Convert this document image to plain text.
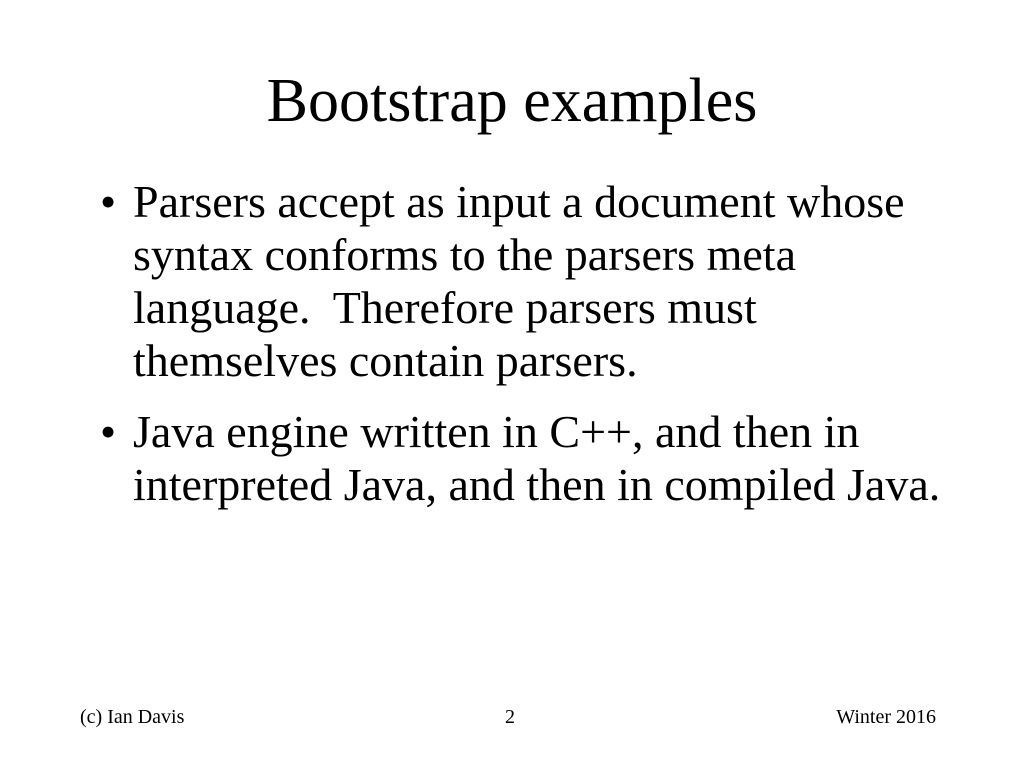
Bootstrap examples
• Parsers accept as input a document whose
syntax conforms to the parsers meta
language.  Therefore parsers must
themselves contain parsers.
• Java engine written in C++, and then in
interpreted Java, and then in compiled Java.
(c) Ian Davis	2	Winter 2016
